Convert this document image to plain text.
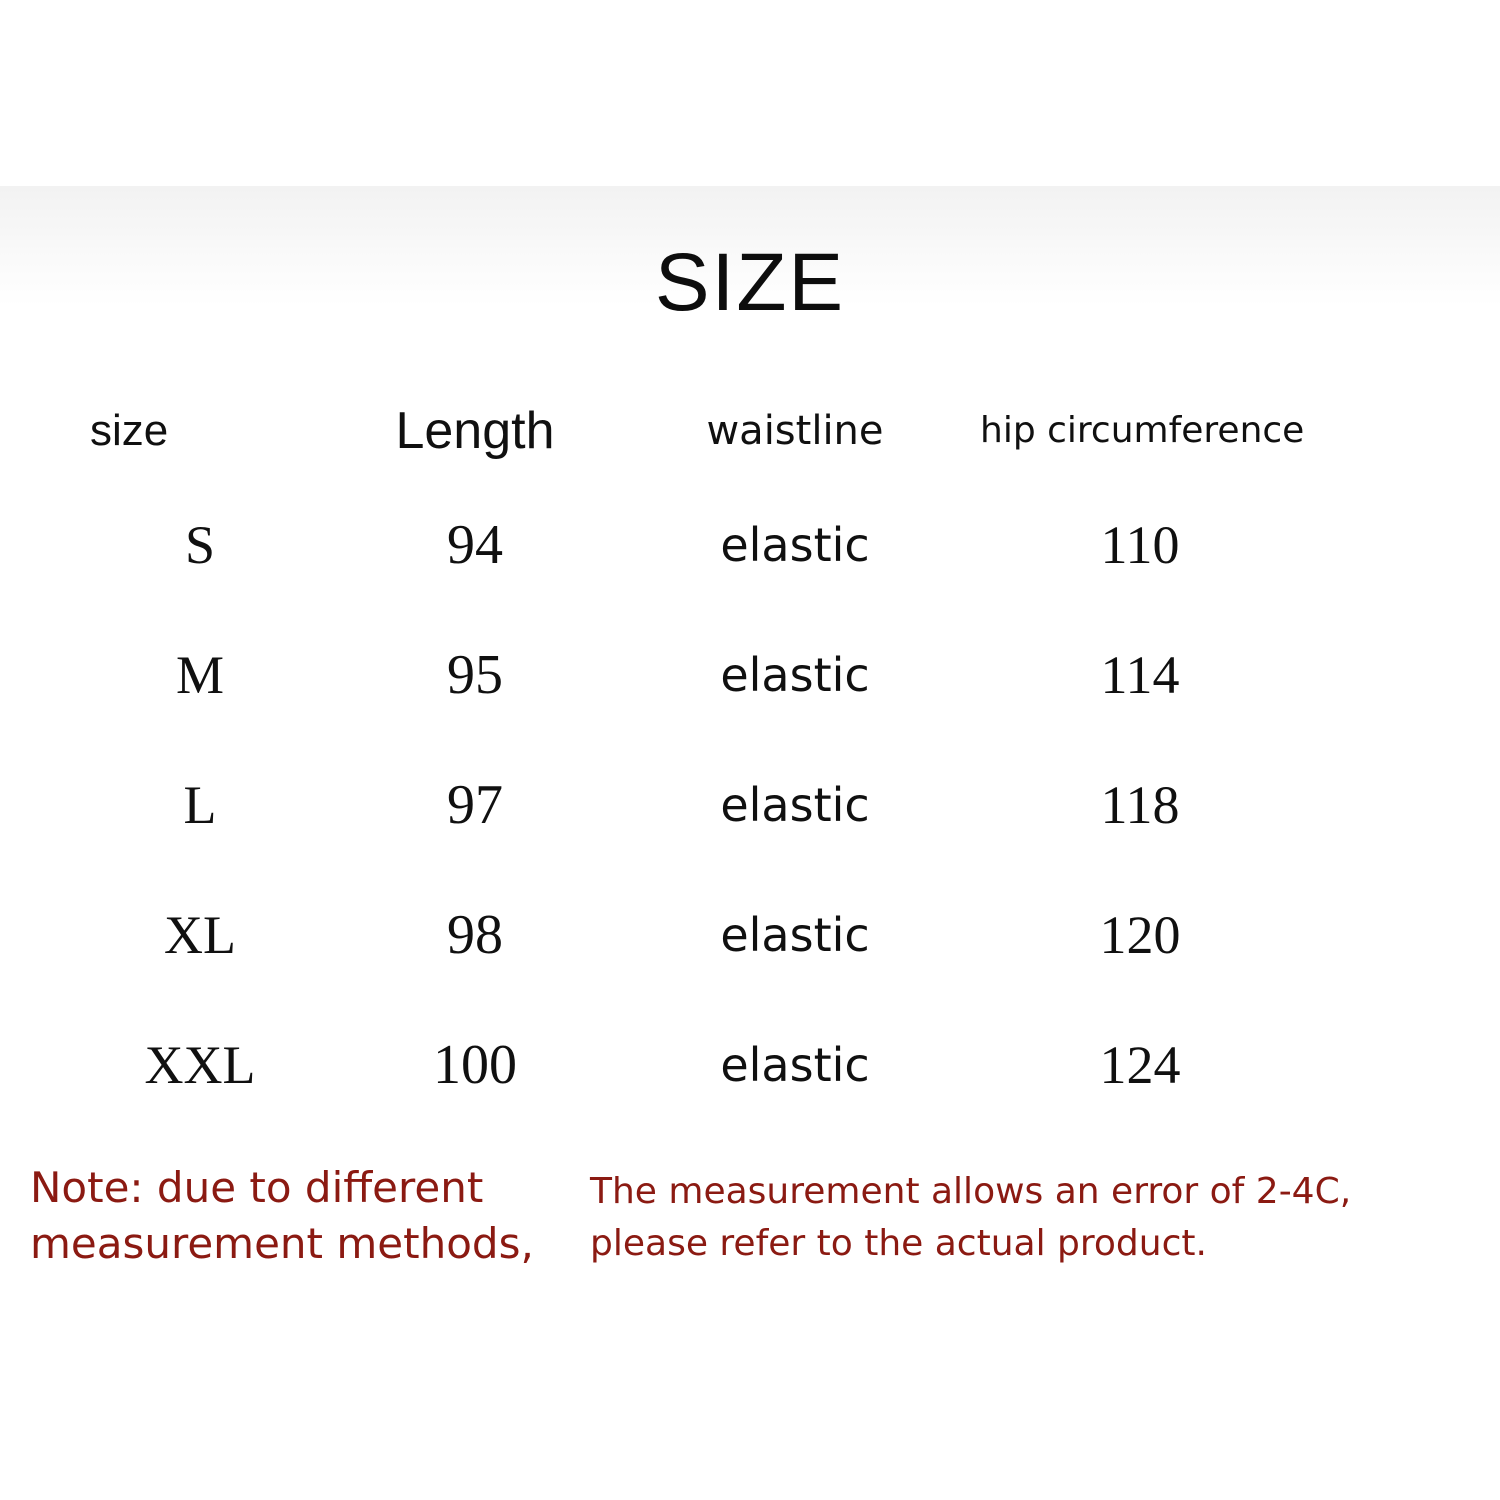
SIZE
size	Length	waistline	hip circumference
S	94	elastic	110
M	95	elastic	114
L	97	elastic	118
XL	98	elastic	120
XXL	100	elastic	124
Note: due to different measurement methods,
The measurement allows an error of 2-4C, please refer to the actual product.
